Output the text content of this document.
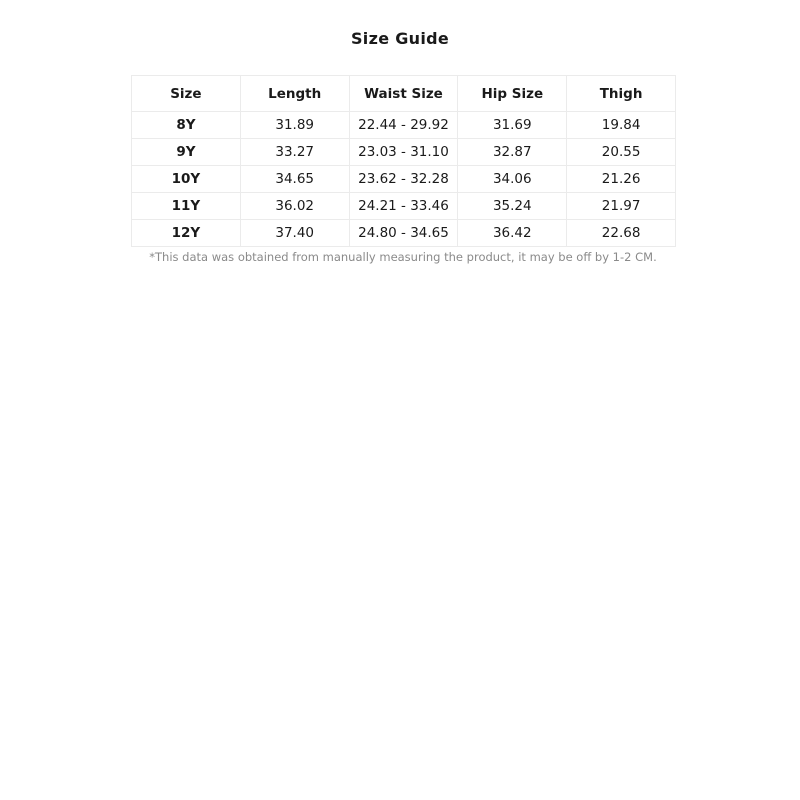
Size Guide
Size	Length	Waist Size	Hip Size	Thigh
8Y	31.89	22.44 - 29.92	31.69	19.84
9Y	33.27	23.03 - 31.10	32.87	20.55
10Y	34.65	23.62 - 32.28	34.06	21.26
11Y	36.02	24.21 - 33.46	35.24	21.97
12Y	37.40	24.80 - 34.65	36.42	22.68
*This data was obtained from manually measuring the product, it may be off by 1-2 CM.
